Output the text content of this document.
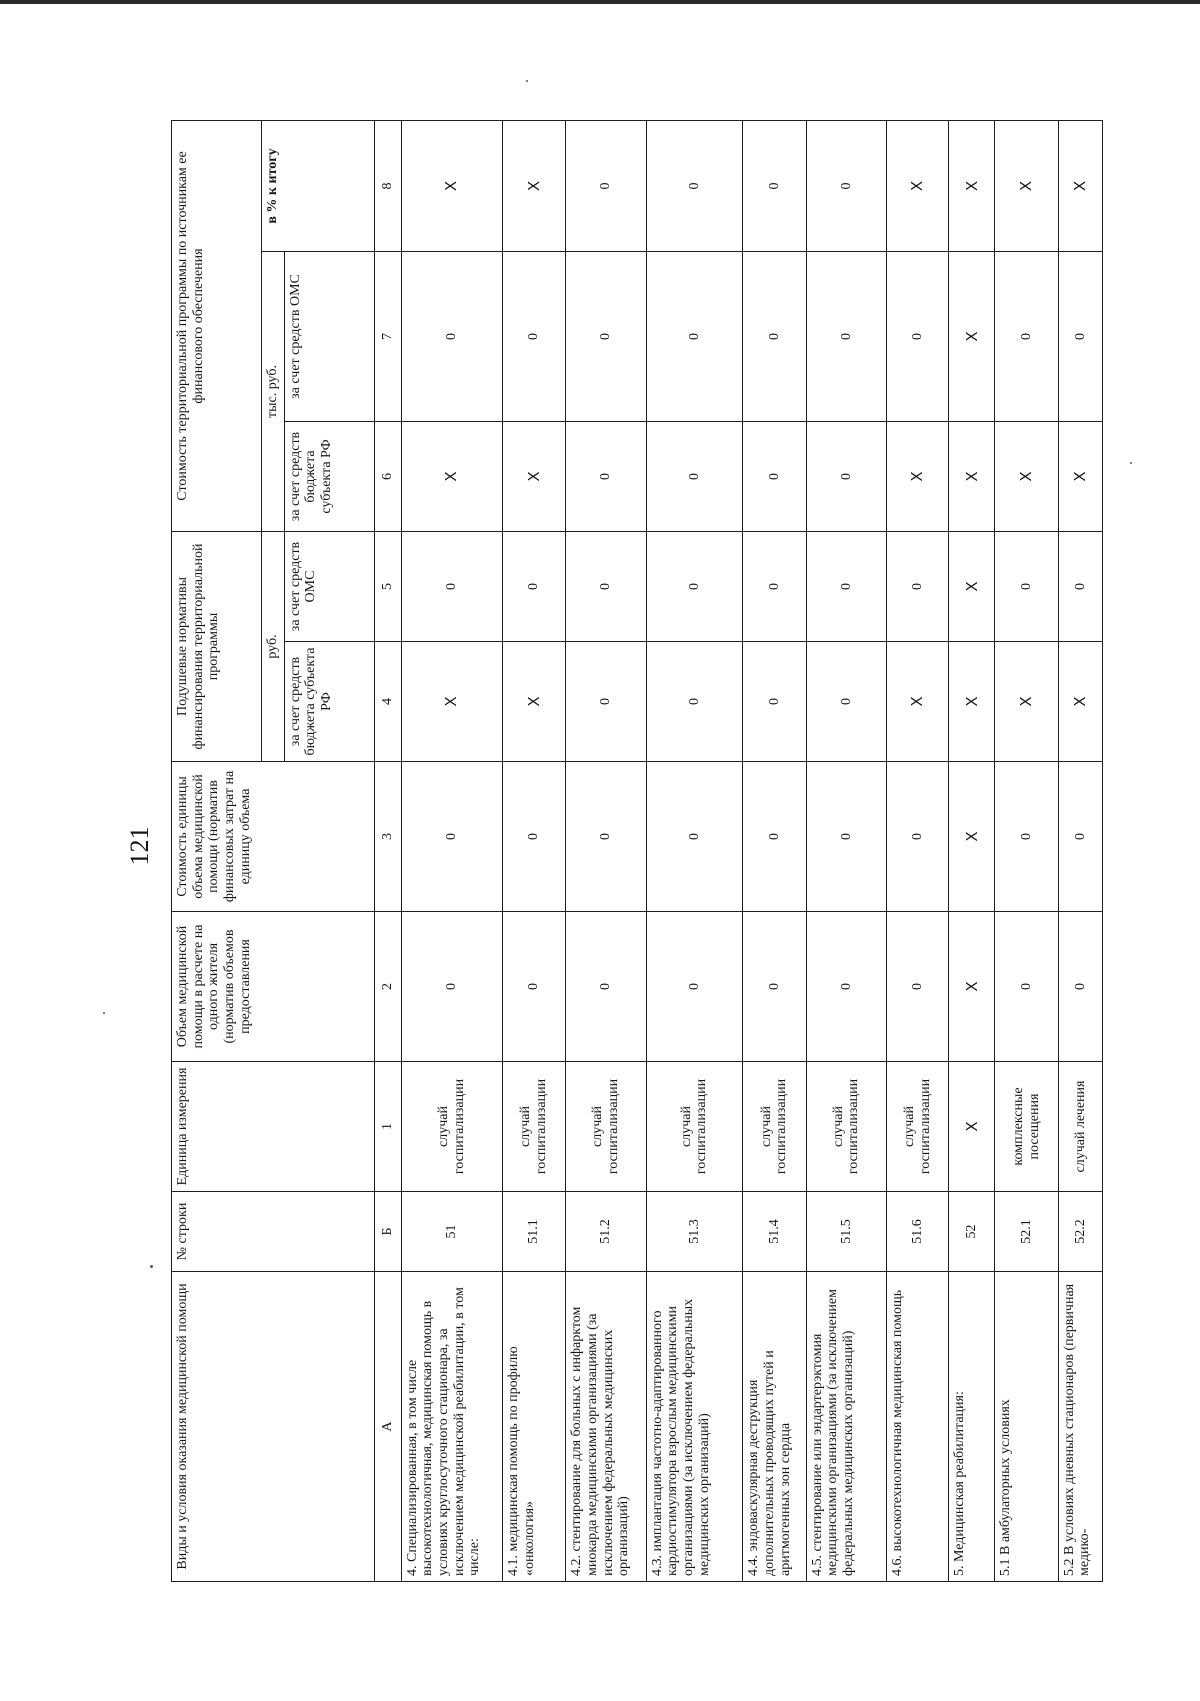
121
Виды и условия оказания медицинской помощи	№ строки	Единица измерения	Объем медицинской помощи в расчете на одного жителя (норматив объемов предоставления	Стоимость единицы объема медицинской помощи (норматив финансовых затрат на единицу объема	Подушевые нормативы финансирования территориальной программы		Стоимость территориальной программы по источникам ее финансового обеспечения		
					руб.		тыс. руб.		в % к итогу
					за счет средств бюджета субъекта РФ	за счет средств ОМС	за счет средств бюджета субъекта РФ	за счет средств ОМС	
А	Б	1	2	3	4	5	6	7	8
4. Специализированная, в том числе высокотехнологичная, медицинская помощь в условиях круглосуточного стационара, за исключением медицинской реабилитации, в том числе:	51	случай госпитализации	0	0	Х	0	Х	0	Х
4.1. медицинская помощь по профилю «онкология»	51.1	случай госпитализации	0	0	Х	0	Х	0	Х
4.2. стентирование для больных с инфарктом миокарда медицинскими организациями (за исключением федеральных медицинских организаций)	51.2	случай госпитализации	0	0	0	0	0	0	0
4.3. имплантация частотно-адаптированного кардиостимулятора взрослым медицинскими организациями (за исключением федеральных медицинских организаций)	51.3	случай госпитализации	0	0	0	0	0	0	0
4.4. эндоваскулярная деструкция дополнительных проводящих путей и аритмогенных зон сердца	51.4	случай госпитализации	0	0	0	0	0	0	0
4.5. стентирование или эндартерэктомия медицинскими организациями (за исключением федеральных медицинских организаций)	51.5	случай госпитализации	0	0	0	0	0	0	0
4.6. высокотехнологичная медицинская помощь	51.6	случай госпитализации	0	0	Х	0	Х	0	Х
5. Медицинская реабилитация:	52	Х	Х	Х	Х	Х	Х	Х	Х
5.1 В амбулаторных условиях	52.1	комплексные посещения	0	0	Х	0	Х	0	Х
5.2 В условиях дневных стационаров (первичная медико-	52.2	случай лечения	0	0	Х	0	Х	0	Х
